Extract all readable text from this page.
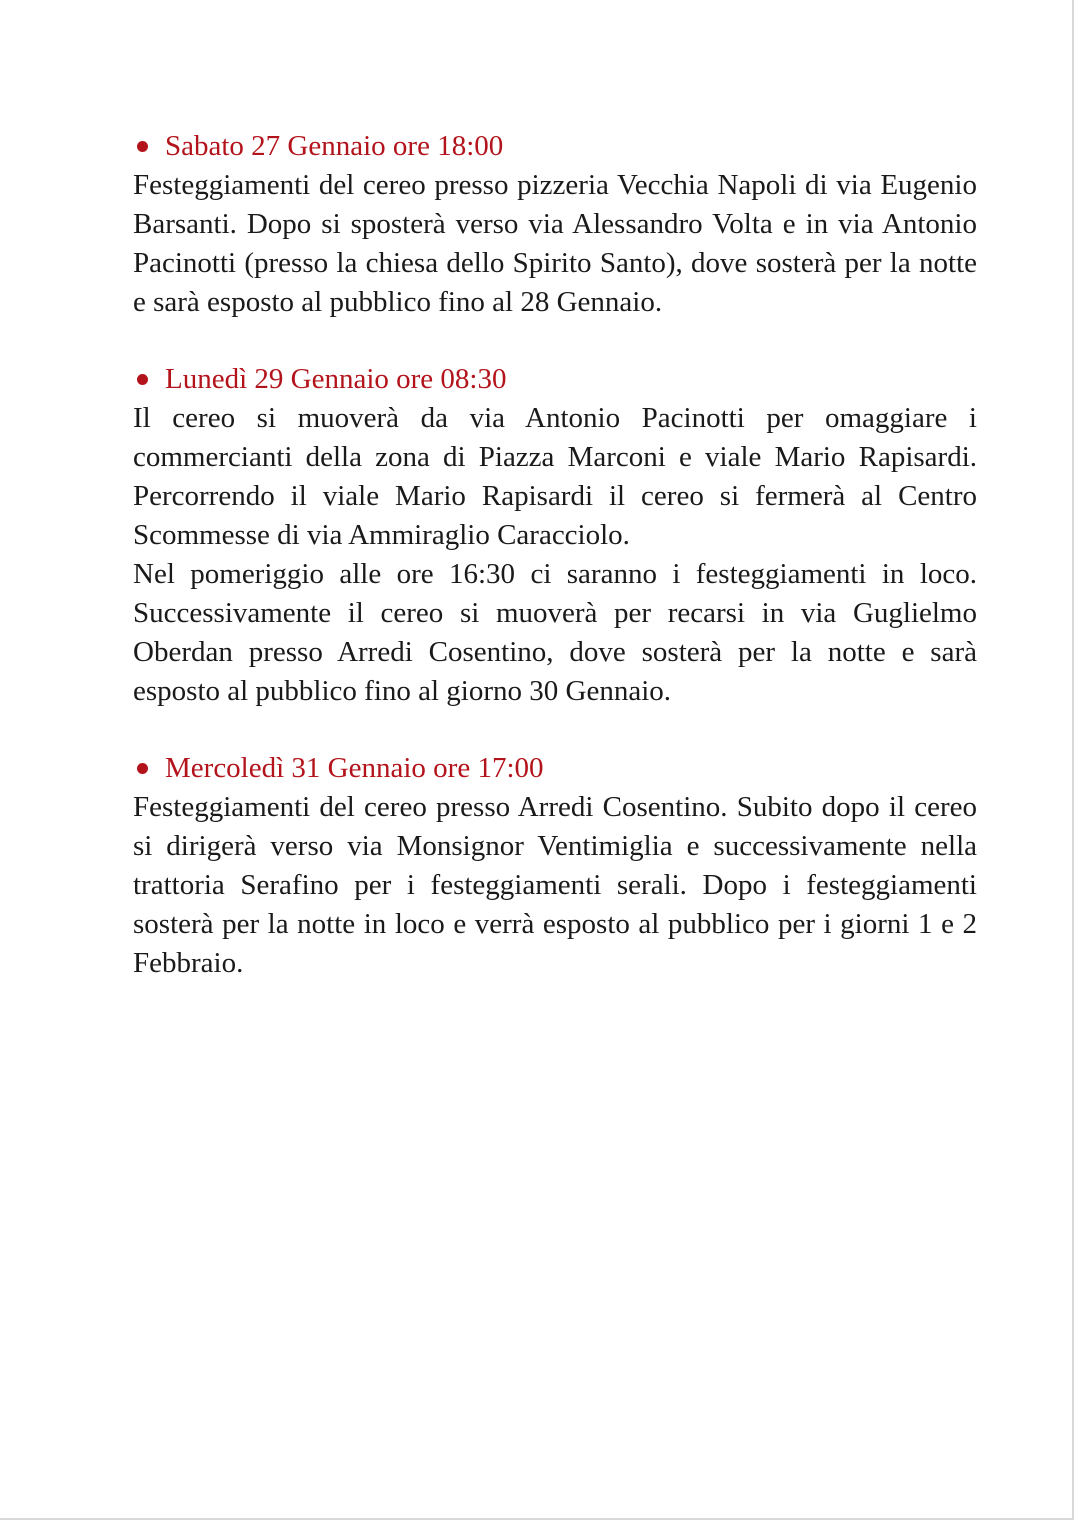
Sabato 27 Gennaio ore 18:00

Festeggiamenti del cereo presso pizzeria Vecchia Napoli di via Eugenio Barsanti. Dopo si sposterà verso via Alessandro Volta e in via Antonio Pacinotti (presso la chiesa dello Spirito Santo), dove sosterà per la notte e sarà esposto al pubblico fino al 28 Gennaio.

Lunedì 29 Gennaio ore 08:30

Il cereo si muoverà da via Antonio Pacinotti per omaggiare i commercianti della zona di Piazza Marconi e viale Mario Rapisardi. Percorrendo il viale Mario Rapisardi il cereo si fermerà al Centro Scommesse di via Ammiraglio Caracciolo.

Nel pomeriggio alle ore 16:30 ci saranno i festeggiamenti in loco. Successivamente il cereo si muoverà per recarsi in via Guglielmo Oberdan presso Arredi Cosentino, dove sosterà per la notte e sarà esposto al pubblico fino al giorno 30 Gennaio.

Mercoledì 31 Gennaio ore 17:00

Festeggiamenti del cereo presso Arredi Cosentino. Subito dopo il cereo si dirigerà verso via Monsignor Ventimiglia e successivamente nella trattoria Serafino per i festeggiamenti serali. Dopo i festeggiamenti sosterà per la notte in loco e verrà esposto al pubblico per i giorni 1 e 2 Febbraio.
